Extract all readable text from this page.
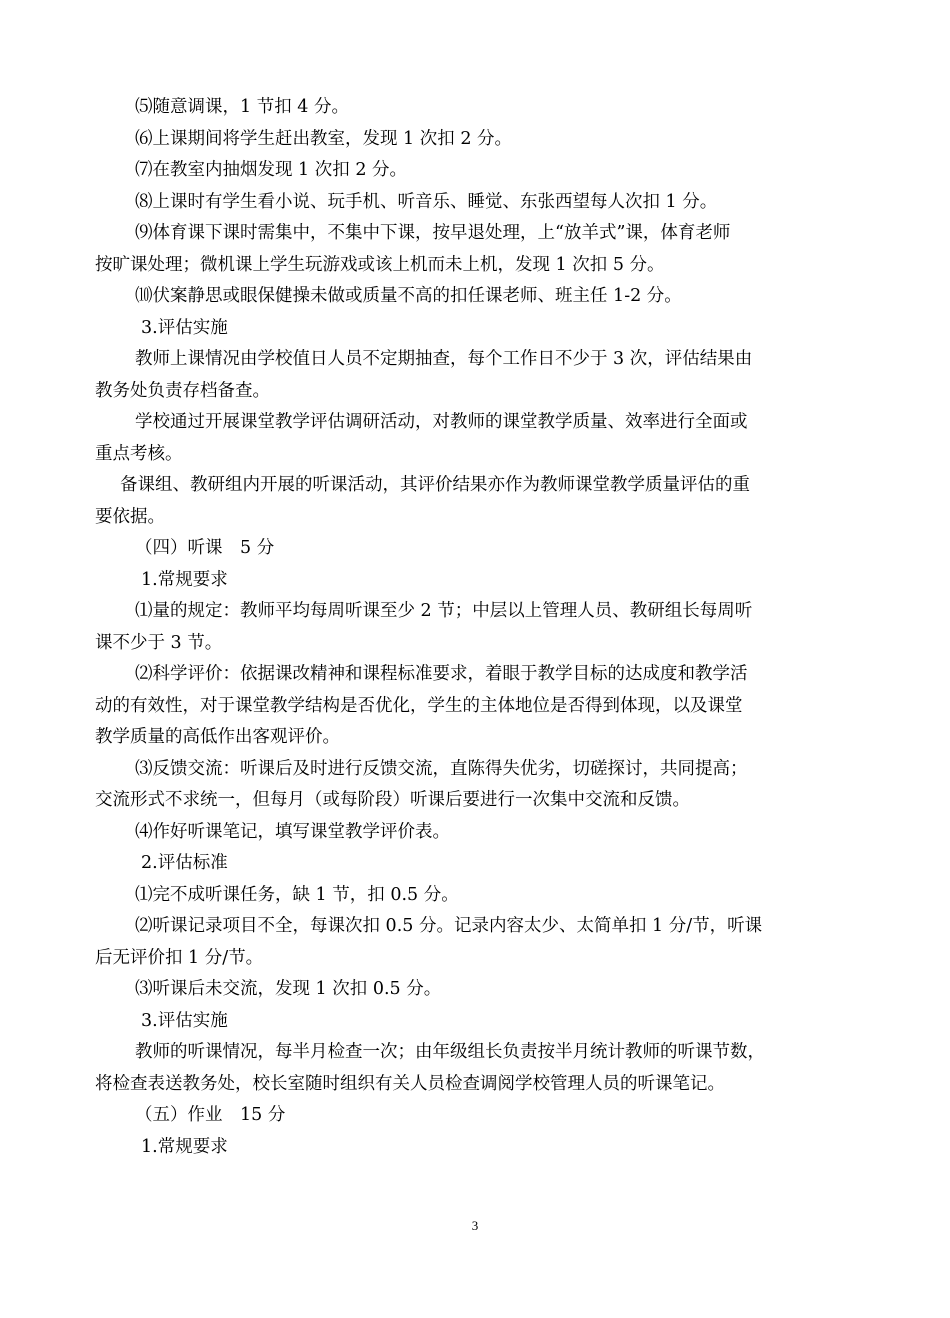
⑸随意调课，1 节扣 4 分。
⑹上课期间将学生赶出教室，发现 1 次扣 2 分。
⑺在教室内抽烟发现 1 次扣 2 分。
⑻上课时有学生看小说、玩手机、听音乐、睡觉、东张西望每人次扣 1 分。
⑼体育课下课时需集中，不集中下课，按早退处理，上“放羊式”课，体育老师
按旷课处理；微机课上学生玩游戏或该上机而未上机，发现 1 次扣 5 分。
⑽伏案静思或眼保健操未做或质量不高的扣任课老师、班主任 1-2 分。
3.评估实施
教师上课情况由学校值日人员不定期抽查，每个工作日不少于 3 次，评估结果由
教务处负责存档备查。
学校通过开展课堂教学评估调研活动，对教师的课堂教学质量、效率进行全面或
重点考核。
备课组、教研组内开展的听课活动，其评价结果亦作为教师课堂教学质量评估的重
要依据。
（四）听课　5 分
1.常规要求
⑴量的规定：教师平均每周听课至少 2 节；中层以上管理人员、教研组长每周听
课不少于 3 节。
⑵科学评价：依据课改精神和课程标准要求，着眼于教学目标的达成度和教学活
动的有效性，对于课堂教学结构是否优化，学生的主体地位是否得到体现，以及课堂
教学质量的高低作出客观评价。
⑶反馈交流：听课后及时进行反馈交流，直陈得失优劣，切磋探讨，共同提高；
交流形式不求统一，但每月（或每阶段）听课后要进行一次集中交流和反馈。
⑷作好听课笔记，填写课堂教学评价表。
2.评估标准
⑴完不成听课任务，缺 1 节，扣 0.5 分。
⑵听课记录项目不全，每课次扣 0.5 分。记录内容太少、太简单扣 1 分/节，听课
后无评价扣 1 分/节。
⑶听课后未交流，发现 1 次扣 0.5 分。
3.评估实施
教师的听课情况，每半月检查一次；由年级组长负责按半月统计教师的听课节数，
将检查表送教务处，校长室随时组织有关人员检查调阅学校管理人员的听课笔记。
（五）作业　15 分
1.常规要求
3
